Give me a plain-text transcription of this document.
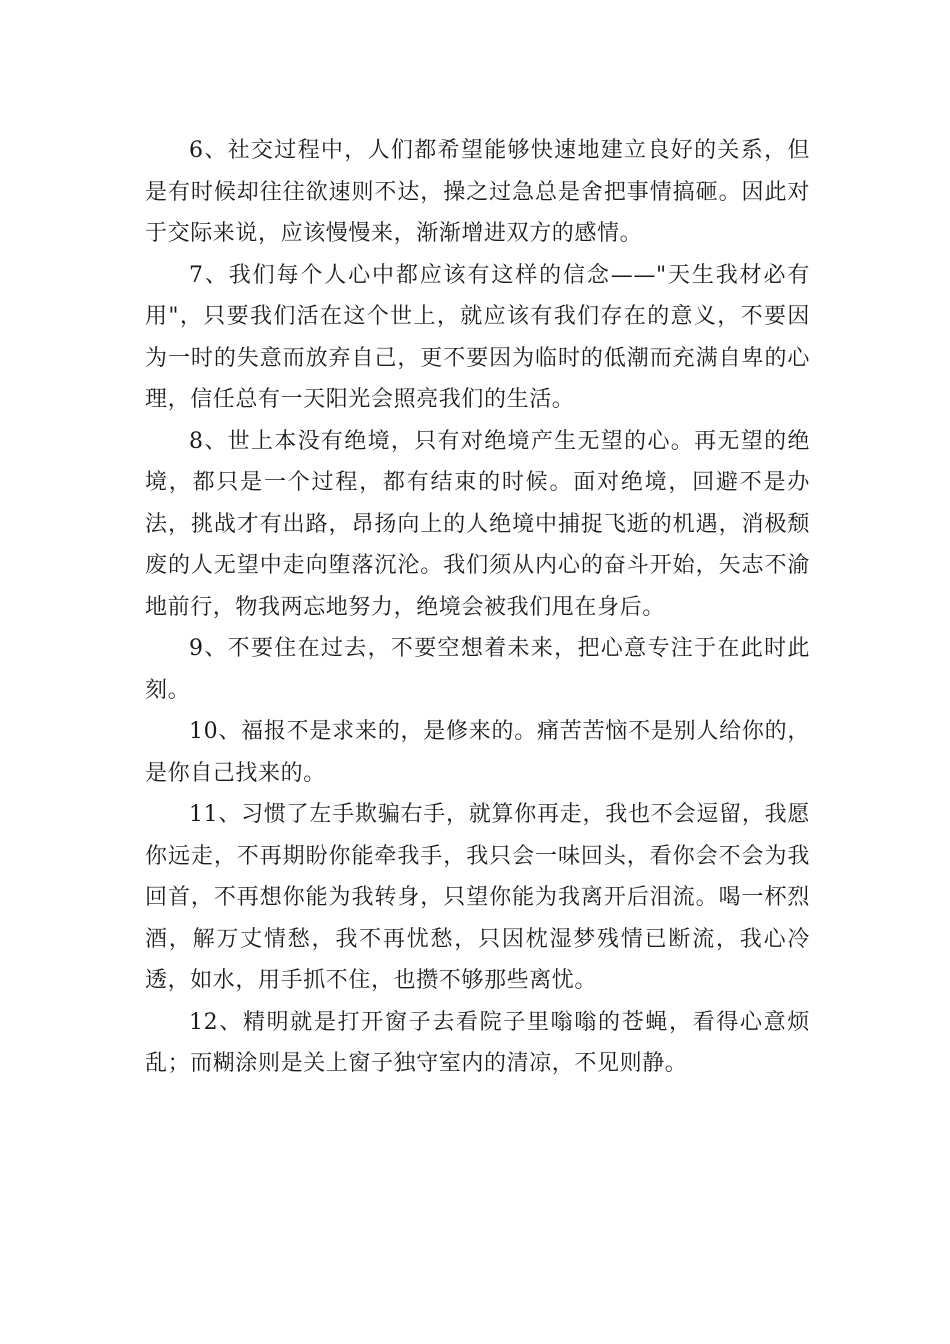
6、社交过程中，人们都希望能够快速地建立良好的关系，但是有时候却往往欲速则不达，操之过急总是舍把事情搞砸。因此对于交际来说，应该慢慢来，渐渐增进双方的感情。

7、我们每个人心中都应该有这样的信念——"天生我材必有用"，只要我们活在这个世上，就应该有我们存在的意义，不要因为一时的失意而放弃自己，更不要因为临时的低潮而充满自卑的心理，信任总有一天阳光会照亮我们的生活。

8、世上本没有绝境，只有对绝境产生无望的心。再无望的绝境，都只是一个过程，都有结束的时候。面对绝境，回避不是办法，挑战才有出路，昂扬向上的人绝境中捕捉飞逝的机遇，消极颓废的人无望中走向堕落沉沦。我们须从内心的奋斗开始，矢志不渝地前行，物我两忘地努力，绝境会被我们甩在身后。

9、不要住在过去，不要空想着未来，把心意专注于在此时此刻。

10、福报不是求来的，是修来的。痛苦苦恼不是别人给你的，是你自己找来的。

11、习惯了左手欺骗右手，就算你再走，我也不会逗留，我愿你远走，不再期盼你能牵我手，我只会一味回头，看你会不会为我回首，不再想你能为我转身，只望你能为我离开后泪流。喝一杯烈酒，解万丈情愁，我不再忧愁，只因枕湿梦残情已断流，我心冷透，如水，用手抓不住，也攒不够那些离忧。

12、精明就是打开窗子去看院子里嗡嗡的苍蝇，看得心意烦乱；而糊涂则是关上窗子独守室内的清凉，不见则静。
